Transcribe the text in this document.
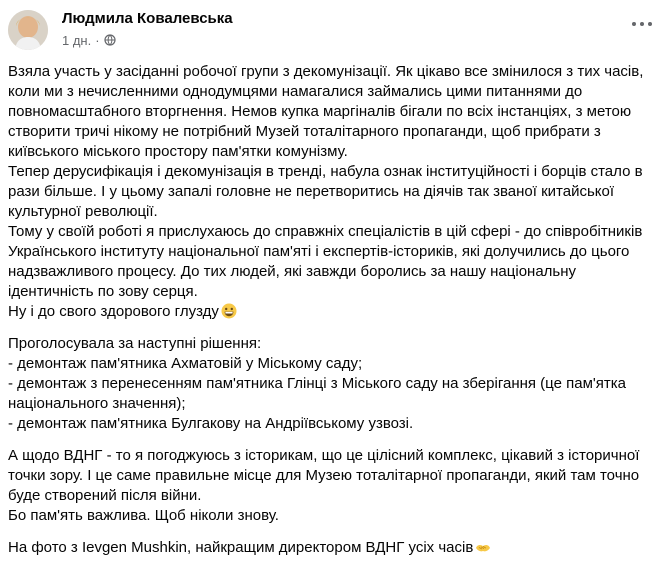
Людмила Ковалевська
1 дн. ·
Взяла участь у засіданні робочої групи з декомунізації. Як цікаво все змінилося з тих часів,
коли ми з нечисленними однодумцями намагалися займались цими питаннями до
повномасштабного вторгнення. Немов купка маргіналів бігали по всіх інстанціях, з метою
створити тричі нікому не потрібний Музей тоталітарного пропаганди, щоб прибрати з
київського міського простору пам'ятки комунізму.
Тепер дерусифікація і декомунізація в тренді, набула ознак інституційності і борців стало в
рази більше. І у цьому запалі головне не перетворитись на діячів так званої китайської
культурної революції.
Тому у своїй роботі я прислухаюсь до справжніх спеціалістів в цій сфері - до співробітників
Українського інституту національної пам'яті і експертів-істориків, які долучились до цього
надзважливого процесу. До тих людей, які завжди боролись за нашу національну
ідентичність по зову серця.
Ну і до свого здорового глузду
Проголосувала за наступні рішення:
- демонтаж пам'ятника Ахматовій у Міському саду;
- демонтаж з перенесенням пам'ятника Глінці з Міського саду на зберігання (це пам'ятка
національного значення);
- демонтаж пам'ятника Булгакову на Андріївському узвозі.
А щодо ВДНГ - то я погоджуюсь з історикам, що це цілісний комплекс, цікавий з історичної
точки зору. І це саме правильне місце для Музею тоталітарної пропаганди, який там точно
буде створений після війни.
Бо пам'ять важлива. Щоб ніколи знову.
На фото з Ievgen Mushkin, найкращим директором ВДНГ усіх часів
